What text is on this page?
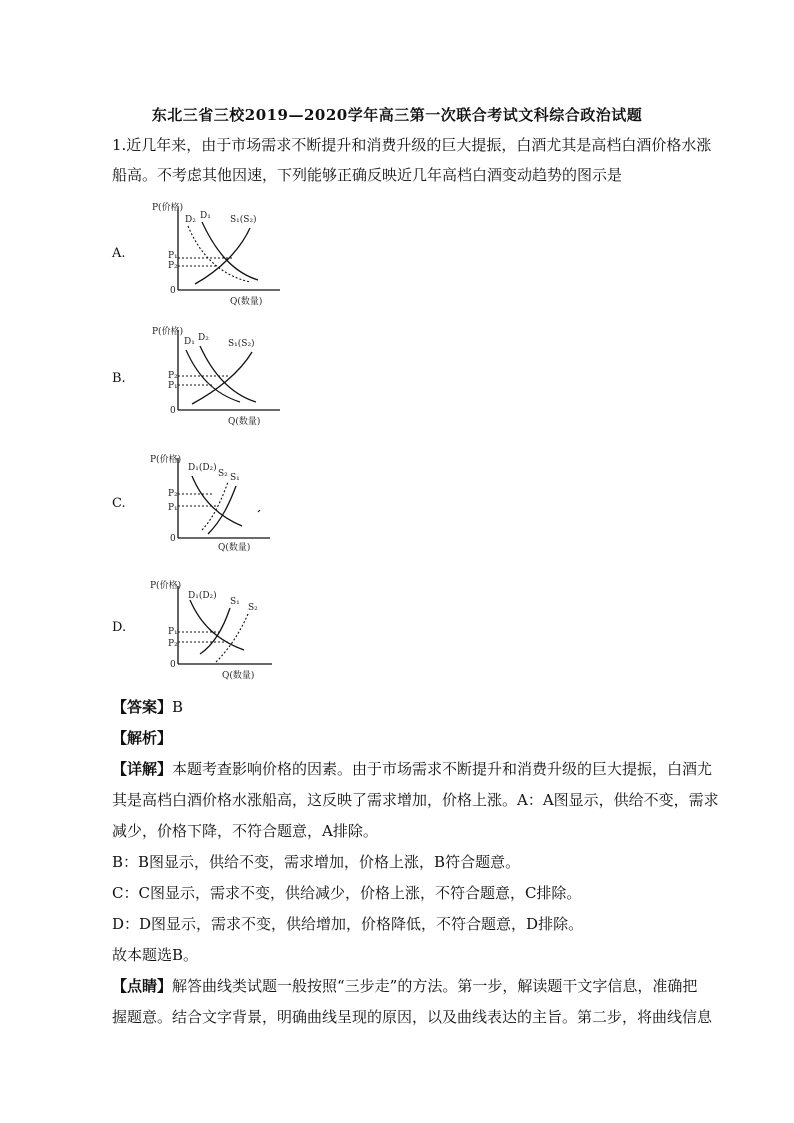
东北三省三校2019—2020学年高三第一次联合考试文科综合政治试题
1.近几年来，由于市场需求不断提升和消费升级的巨大提振，白酒尤其是高档白酒价格水涨
船高。不考虑其他因速，下列能够正确反映近几年高档白酒变动趋势的图示是
A.
P(价格)
Q(数量)
0
D₂ D₁ S₁(S₂)
P₁
P₂
B.
P(价格)
Q(数量)
0
D₁ D₂
S₁(S₂)
P₂
P₁
C.
P(价格)
Q(数量)
0
D₁(D₂)
S₂ S₁
P₂
P₁
D.
P(价格)
Q(数量)
0
D₁(D₂)
S₁
S₂
P₁
P₂
【答案】B
【解析】
【详解】本题考查影响价格的因素。由于市场需求不断提升和消费升级的巨大提振，白酒尤
其是高档白酒价格水涨船高，这反映了需求增加，价格上涨。A：A图显示，供给不变，需求
减少，价格下降，不符合题意，A排除。
B：B图显示，供给不变，需求增加，价格上涨，B符合题意。
C：C图显示，需求不变，供给减少，价格上涨，不符合题意，C排除。
D：D图显示，需求不变，供给增加，价格降低，不符合题意，D排除。
故本题选B。
【点睛】解答曲线类试题一般按照“三步走”的方法。第一步，解读题干文字信息，准确把
握题意。结合文字背景，明确曲线呈现的原因，以及曲线表达的主旨。第二步，将曲线信息
